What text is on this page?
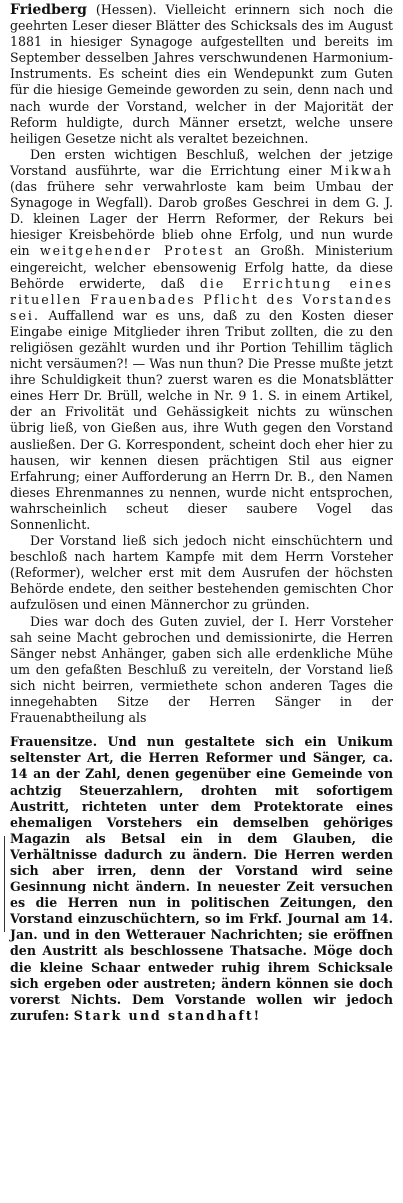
Friedberg (Hessen). Vielleicht erinnern sich noch die geehrten Leser dieser Blätter des Schicksals des im August 1881 in hiesiger Synagoge aufgestellten und bereits im September desselben Jahres verschwundenen Harmonium-Instruments. Es scheint dies ein Wendepunkt zum Guten für die hiesige Gemeinde geworden zu sein, denn nach und nach wurde der Vorstand, welcher in der Majorität der Reform huldigte, durch Männer ersetzt, welche unsere heiligen Gesetze nicht als veraltet bezeichnen.

Den ersten wichtigen Beschluß, welchen der jetzige Vorstand ausführte, war die Errichtung einer Mikwah (das frühere sehr verwahrloste kam beim Umbau der Synagoge in Wegfall). Darob großes Geschrei in dem G. J. D. kleinen Lager der Herrn Reformer, der Rekurs bei hiesiger Kreisbehörde blieb ohne Erfolg, und nun wurde ein weitgehender Protest an Großh. Ministerium eingereicht, welcher ebensowenig Erfolg hatte, da diese Behörde erwiderte, daß die Errichtung eines rituellen Frauenbades Pflicht des Vorstandes sei. Auffallend war es uns, daß zu den Kosten dieser Eingabe einige Mitglieder ihren Tribut zollten, die zu den religiösen gezählt wurden und ihr Portion Tehillim täglich nicht versäumen?! — Was nun thun? Die Presse mußte jetzt ihre Schuldigkeit thun? zuerst waren es die Monatsblätter eines Herr Dr. Brüll, welche in Nr. 9 1. S. in einem Artikel, der an Frivolität und Gehässigkeit nichts zu wünschen übrig ließ, von Gießen aus, ihre Wuth gegen den Vorstand ausließen. Der G. Korrespondent, scheint doch eher hier zu hausen, wir kennen diesen prächtigen Stil aus eigner Erfahrung; einer Aufforderung an Herrn Dr. B., den Namen dieses Ehrenmannes zu nennen, wurde nicht entsprochen, wahrscheinlich scheut dieser saubere Vogel das Sonnenlicht.

Der Vorstand ließ sich jedoch nicht einschüchtern und beschloß nach hartem Kampfe mit dem Herrn Vorsteher (Reformer), welcher erst mit dem Ausrufen der höchsten Behörde endete, den seither bestehenden gemischten Chor aufzulösen und einen Männerchor zu gründen.

Dies war doch des Guten zuviel, der I. Herr Vorsteher sah seine Macht gebrochen und demissionirte, die Herren Sänger nebst Anhänger, gaben sich alle erdenkliche Mühe um den gefaßten Beschluß zu vereiteln, der Vorstand ließ sich nicht beirren, vermiethete schon anderen Tages die innegehabten Sitze der Herren Sänger in der Frauenabtheilung als

Frauensitze. Und nun gestaltete sich ein Unikum seltenster Art, die Herren Reformer und Sänger, ca. 14 an der Zahl, denen gegenüber eine Gemeinde von achtzig Steuerzahlern, drohten mit sofortigem Austritt, richteten unter dem Protektorate eines ehemaligen Vorstehers ein demselben gehöriges Magazin als Betsal ein in dem Glauben, die Verhältnisse dadurch zu ändern. Die Herren werden sich aber irren, denn der Vorstand wird seine Gesinnung nicht ändern. In neuester Zeit versuchen es die Herren nun in politischen Zeitungen, den Vorstand einzuschüchtern, so im Frkf. Journal am 14. Jan. und in den Wetterauer Nachrichten; sie eröffnen den Austritt als beschlossene Thatsache. Möge doch die kleine Schaar entweder ruhig ihrem Schicksale sich ergeben oder austreten; ändern können sie doch vorerst Nichts. Dem Vorstande wollen wir jedoch zurufen: Stark und standhaft!
